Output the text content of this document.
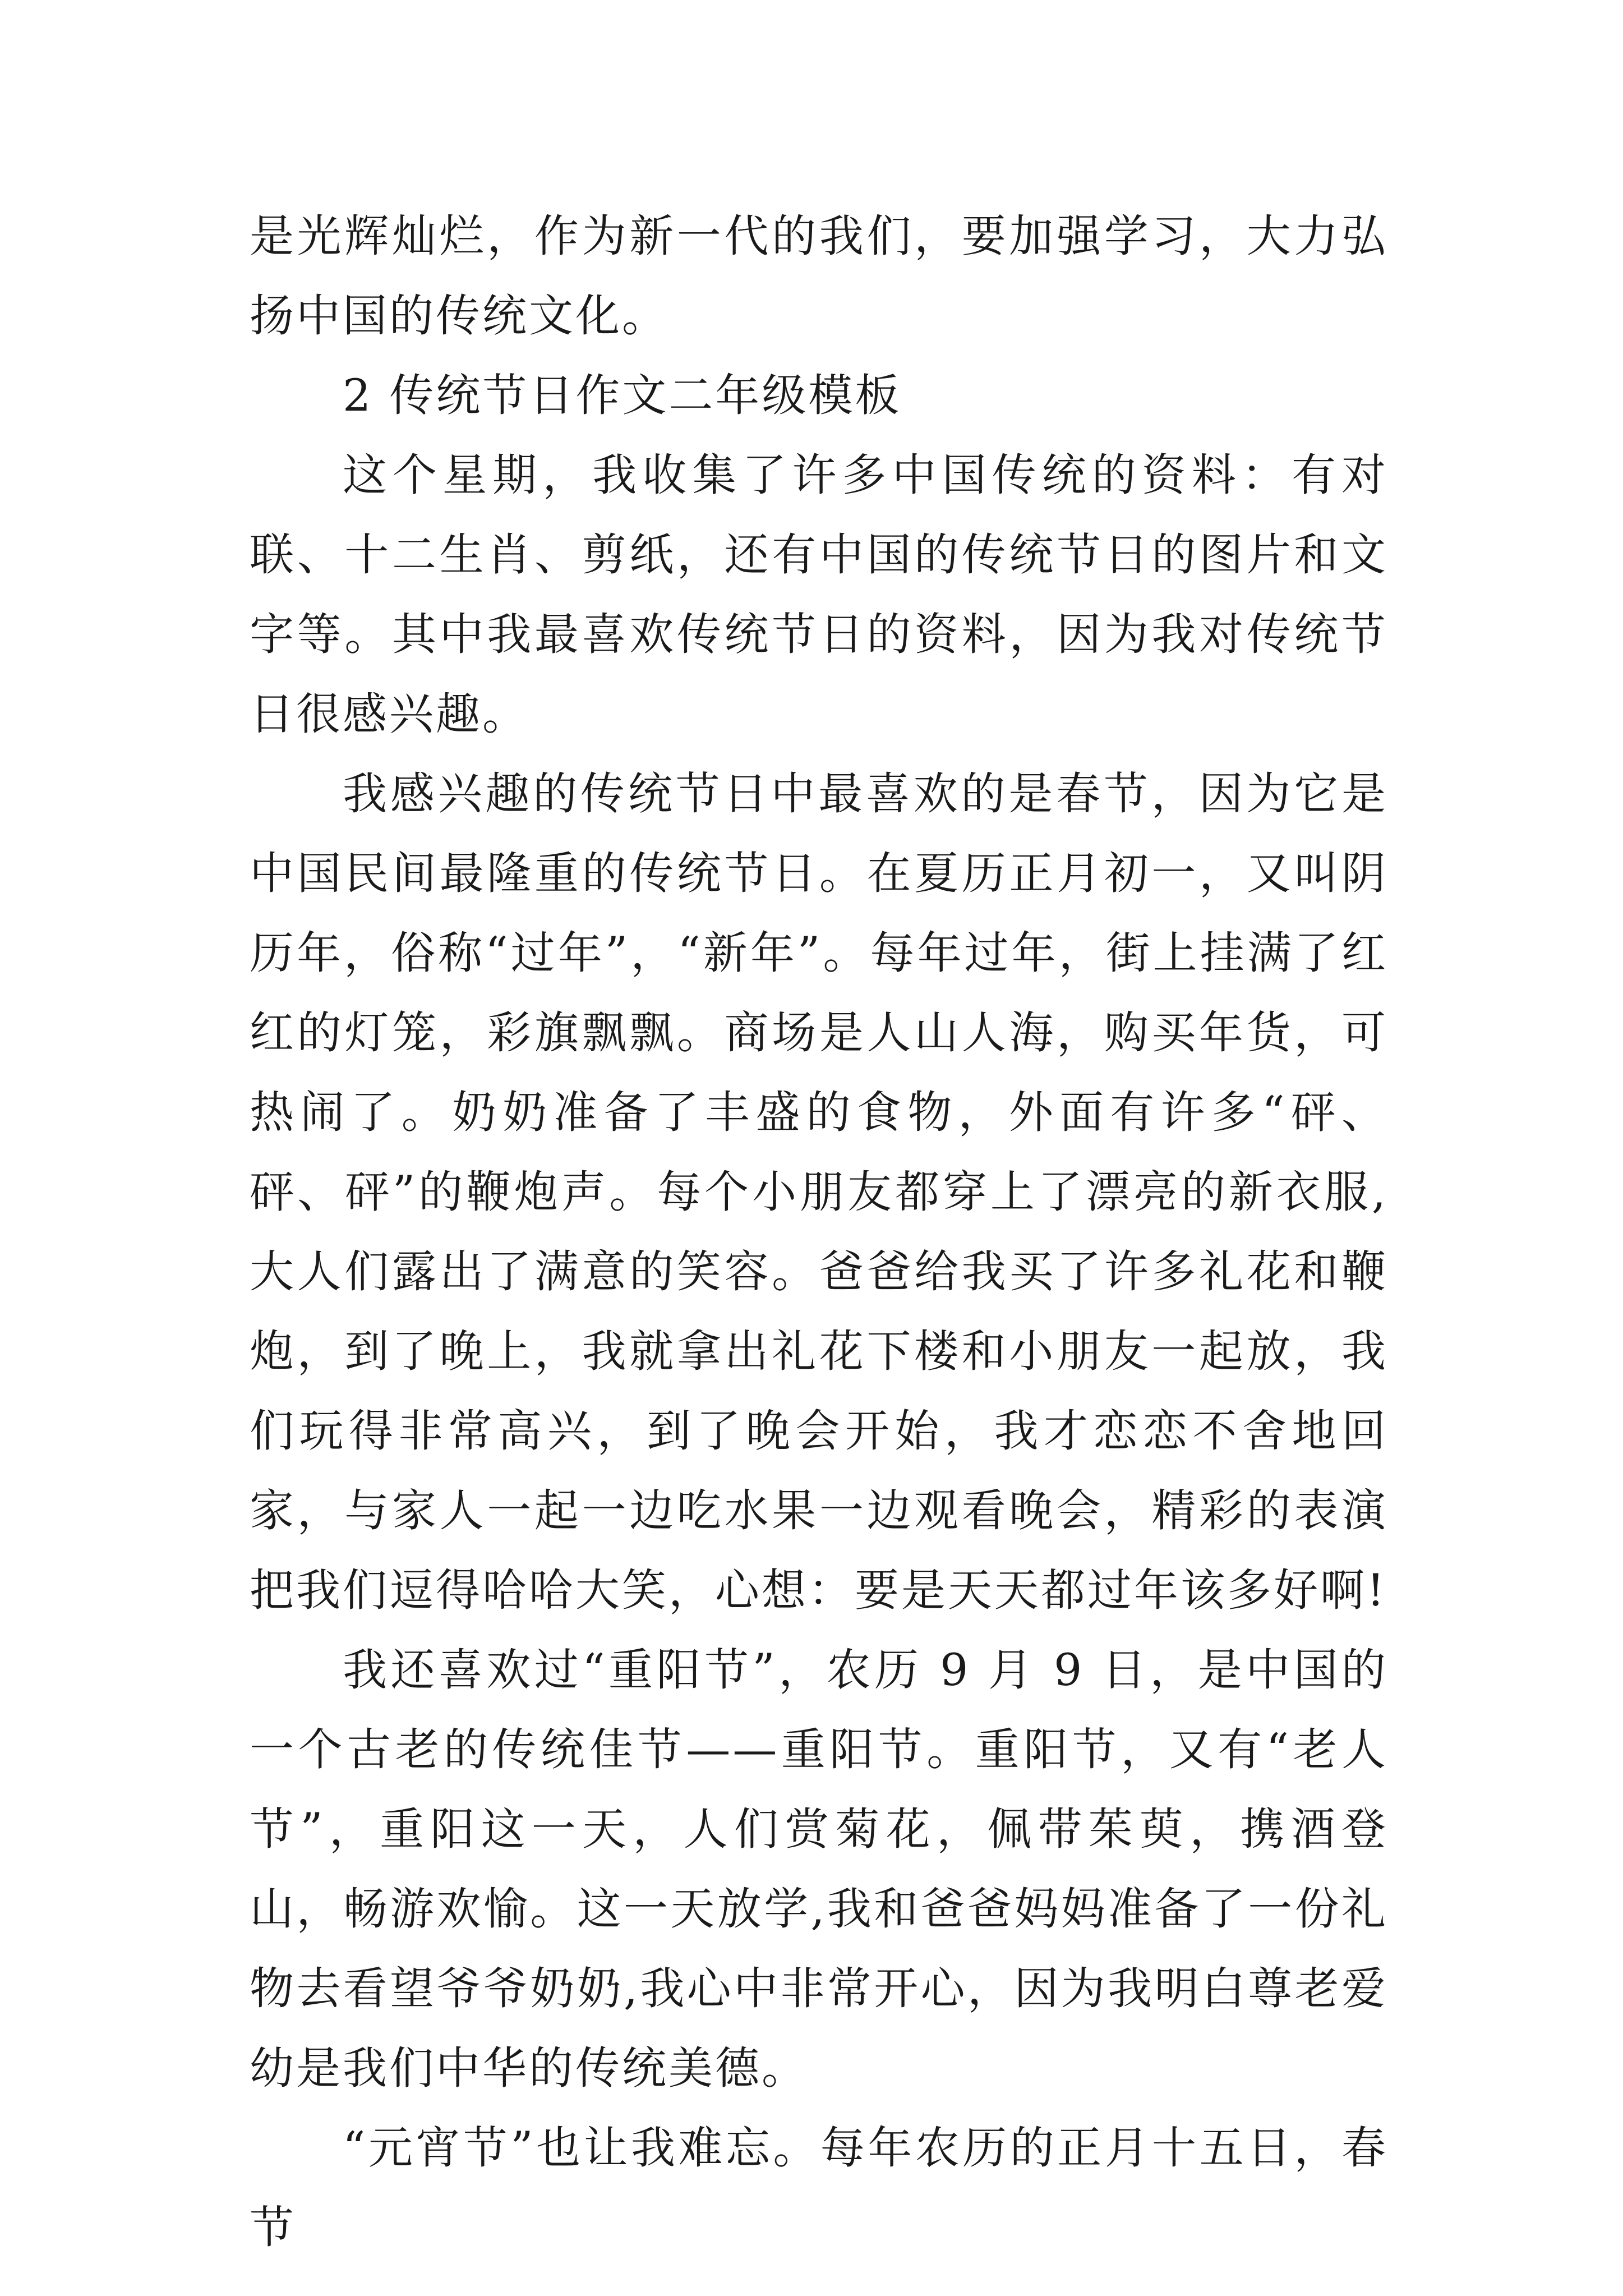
是光辉灿烂，作为新一代的我们，要加强学习，大力弘扬中国的传统文化。

2 传统节日作文二年级模板

这个星期，我收集了许多中国传统的资料：有对联、十二生肖、剪纸，还有中国的传统节日的图片和文字等。其中我最喜欢传统节日的资料，因为我对传统节日很感兴趣。

我感兴趣的传统节日中最喜欢的是春节，因为它是中国民间最隆重的传统节日。在夏历正月初一，又叫阴历年，俗称“过年”，“新年”。每年过年，街上挂满了红红的灯笼，彩旗飘飘。商场是人山人海，购买年货，可热闹了。奶奶准备了丰盛的食物，外面有许多“砰、砰、砰”的鞭炮声。每个小朋友都穿上了漂亮的新衣服,大人们露出了满意的笑容。爸爸给我买了许多礼花和鞭炮，到了晚上，我就拿出礼花下楼和小朋友一起放，我们玩得非常高兴，到了晚会开始，我才恋恋不舍地回家，与家人一起一边吃水果一边观看晚会，精彩的表演把我们逗得哈哈大笑，心想：要是天天都过年该多好啊!

我还喜欢过“重阳节”，农历 9 月 9 日，是中国的一个古老的传统佳节——重阳节。重阳节，又有“老人节”，重阳这一天，人们赏菊花，佩带茱萸，携酒登山，畅游欢愉。这一天放学,我和爸爸妈妈准备了一份礼物去看望爷爷奶奶,我心中非常开心，因为我明白尊老爱幼是我们中华的传统美德。

“元宵节”也让我难忘。每年农历的正月十五日，春节
